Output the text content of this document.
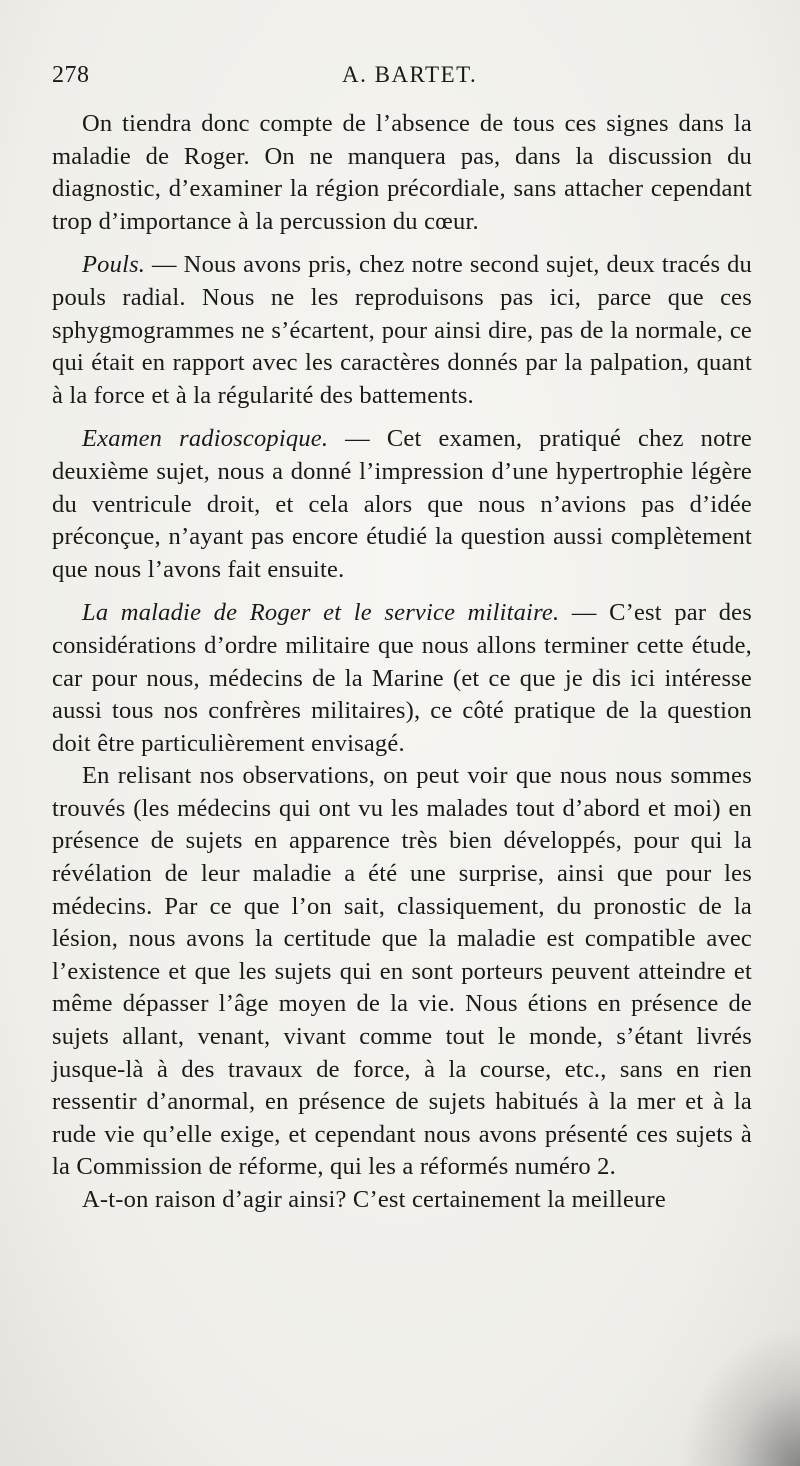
278	A. BARTET.

On tiendra donc compte de l’absence de tous ces signes dans la maladie de Roger. On ne manquera pas, dans la discussion du diagnostic, d’examiner la région précordiale, sans attacher cependant trop d’importance à la percussion du cœur.

Pouls. — Nous avons pris, chez notre second sujet, deux tracés du pouls radial. Nous ne les reproduisons pas ici, parce que ces sphygmogrammes ne s’écartent, pour ainsi dire, pas de la normale, ce qui était en rapport avec les caractères donnés par la palpation, quant à la force et à la régularité des battements.

Examen radioscopique. — Cet examen, pratiqué chez notre deuxième sujet, nous a donné l’impression d’une hypertrophie légère du ventricule droit, et cela alors que nous n’avions pas d’idée préconçue, n’ayant pas encore étudié la question aussi complètement que nous l’avons fait ensuite.

La maladie de Roger et le service militaire. — C’est par des considérations d’ordre militaire que nous allons terminer cette étude, car pour nous, médecins de la Marine (et ce que je dis ici intéresse aussi tous nos confrères militaires), ce côté pratique de la question doit être particulièrement envisagé.

En relisant nos observations, on peut voir que nous nous sommes trouvés (les médecins qui ont vu les malades tout d’abord et moi) en présence de sujets en apparence très bien développés, pour qui la révélation de leur maladie a été une surprise, ainsi que pour les médecins. Par ce que l’on sait, classiquement, du pronostic de la lésion, nous avons la certitude que la maladie est compatible avec l’existence et que les sujets qui en sont porteurs peuvent atteindre et même dépasser l’âge moyen de la vie. Nous étions en présence de sujets allant, venant, vivant comme tout le monde, s’étant livrés jusque-là à des travaux de force, à la course, etc., sans en rien ressentir d’anormal, en présence de sujets habitués à la mer et à la rude vie qu’elle exige, et cependant nous avons présenté ces sujets à la Commission de réforme, qui les a réformés numéro 2.

A-t-on raison d’agir ainsi? C’est certainement la meilleure
